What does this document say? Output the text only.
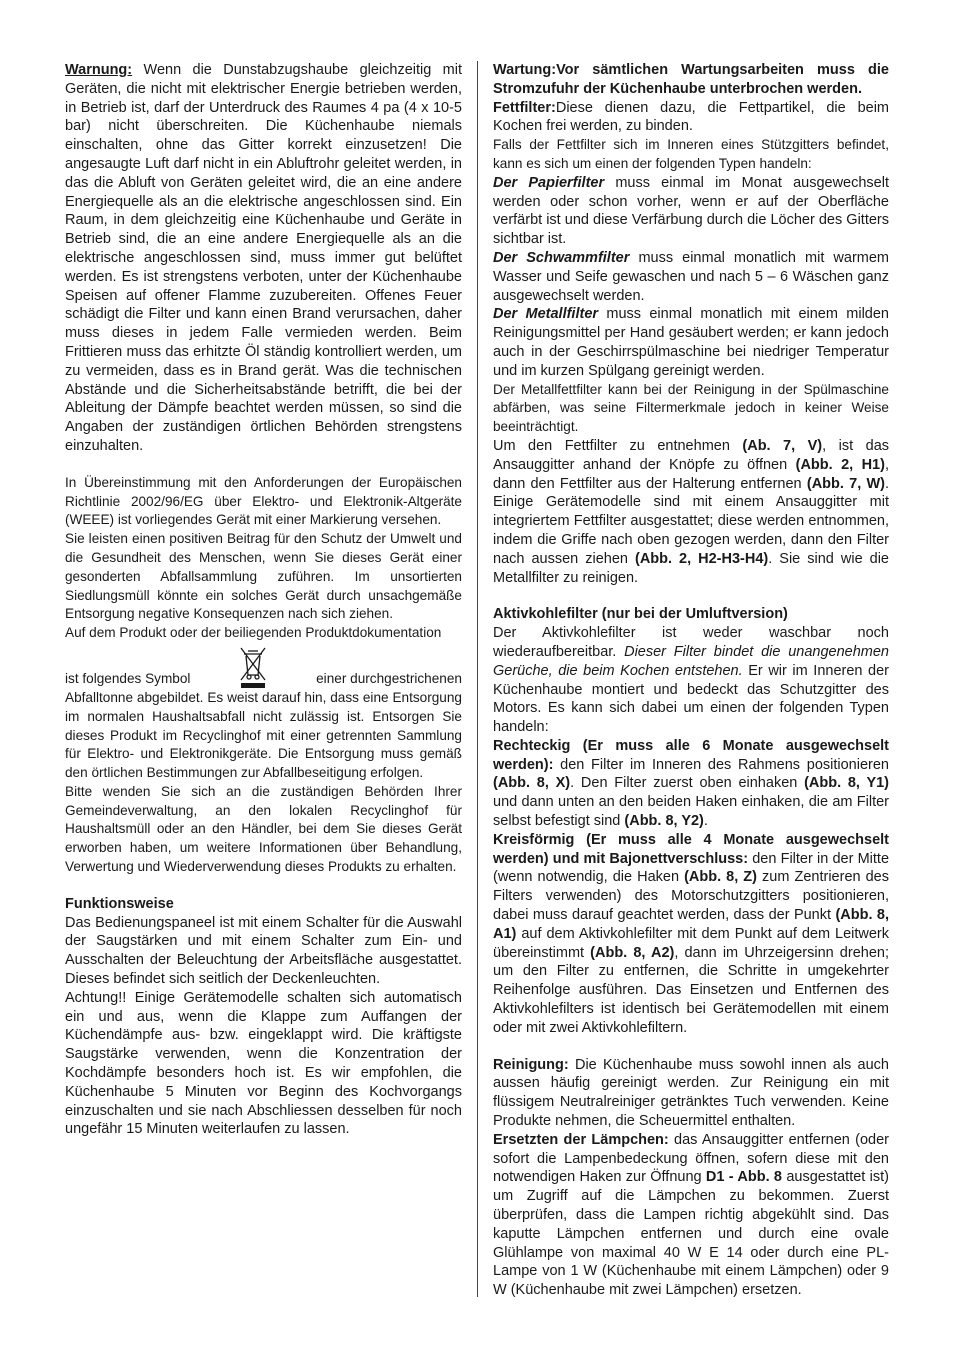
Warnung: Wenn die Dunstabzugshaube gleichzeitig mit Geräten, die nicht mit elektrischer Energie betrieben werden, in Betrieb ist, darf der Unterdruck des Raumes 4 pa (4 x 10-5 bar) nicht überschreiten. Die Küchenhaube niemals einschalten, ohne das Gitter korrekt einzusetzen! Die angesaugte Luft darf nicht in ein Abluftrohr geleitet werden, in das die Abluft von Geräten geleitet wird, die an eine andere Energiequelle als an die elektrische angeschlossen sind. Ein Raum, in dem gleichzeitig eine Küchenhaube und Geräte in Betrieb sind, die an eine andere Energiequelle als an die elektrische angeschlossen sind, muss immer gut belüftet werden. Es ist strengstens verboten, unter der Küchenhaube Speisen auf offener Flamme zuzubereiten. Offenes Feuer schädigt die Filter und kann einen Brand verursachen, daher muss dieses in jedem Falle vermieden werden. Beim Frittieren muss das erhitzte Öl ständig kontrolliert werden, um zu vermeiden, dass es in Brand gerät. Was die technischen Abstände und die Sicherheitsabstände betrifft, die bei der Ableitung der Dämpfe beachtet werden müssen, so sind die Angaben der zuständigen örtlichen Behörden strengstens einzuhalten.

In Übereinstimmung mit den Anforderungen der Europäischen Richtlinie 2002/96/EG über Elektro- und Elektronik-Altgeräte (WEEE) ist vorliegendes Gerät mit einer Markierung versehen.

Sie leisten einen positiven Beitrag für den Schutz der Umwelt und die Gesundheit des Menschen, wenn Sie dieses Gerät einer gesonderten Abfallsammlung zuführen. Im unsortierten Siedlungsmüll könnte ein solches Gerät durch unsachgemäße Entsorgung negative Konsequenzen nach sich ziehen.

Auf dem Produkt oder der beiliegenden Produktdokumentation

ist folgendes Symbol	einer durchgestrichenen

Abfalltonne abgebildet. Es weist darauf hin, dass eine Entsorgung im normalen Haushaltsabfall nicht zulässig ist. Entsorgen Sie dieses Produkt im Recyclinghof mit einer getrennten Sammlung für Elektro- und Elektronikgeräte. Die Entsorgung muss gemäß den örtlichen Bestimmungen zur Abfallbeseitigung erfolgen.

Bitte wenden Sie sich an die zuständigen Behörden Ihrer Gemeindeverwaltung, an den lokalen Recyclinghof für Haushaltsmüll oder an den Händler, bei dem Sie dieses Gerät erworben haben, um weitere Informationen über Behandlung, Verwertung und Wiederverwendung dieses Produkts zu erhalten.

Funktionsweise

Das Bedienungspaneel ist mit einem Schalter für die Auswahl der Saugstärken und mit einem Schalter zum Ein- und Ausschalten der Beleuchtung der Arbeitsfläche ausgestattet. Dieses befindet sich seitlich der Deckenleuchten.

Achtung!! Einige Gerätemodelle schalten sich automatisch ein und aus, wenn die Klappe zum Auffangen der Küchendämpfe aus- bzw. eingeklappt wird. Die kräftigste Saugstärke verwenden, wenn die Konzentration der Kochdämpfe besonders hoch ist. Es wir empfohlen, die Küchenhaube 5 Minuten vor Beginn des Kochvorgangs einzuschalten und sie nach Abschliessen desselben für noch ungefähr 15 Minuten weiterlaufen zu lassen.

Wartung:Vor sämtlichen Wartungsarbeiten muss die Stromzufuhr der Küchenhaube unterbrochen werden.

Fettfilter:Diese dienen dazu, die Fettpartikel, die beim Kochen frei werden, zu binden.

Falls der Fettfilter sich im Inneren eines Stützgitters befindet, kann es sich um einen der folgenden Typen handeln:

Der Papierfilter muss einmal im Monat ausgewechselt werden oder schon vorher, wenn er auf der Oberfläche verfärbt ist und diese Verfärbung durch die Löcher des Gitters sichtbar ist.

Der Schwammfilter muss einmal monatlich mit warmem Wasser und Seife gewaschen und nach 5 – 6 Wäschen ganz ausgewechselt werden.

Der Metallfilter muss einmal monatlich mit einem milden Reinigungsmittel per Hand gesäubert werden; er kann jedoch auch in der Geschirrspülmaschine bei niedriger Temperatur und im kurzen Spülgang gereinigt werden.

Der Metallfettfilter kann bei der Reinigung in der Spülmaschine abfärben, was seine Filtermerkmale jedoch in keiner Weise beeinträchtigt.

Um den Fettfilter zu entnehmen (Ab. 7, V), ist das Ansauggitter anhand der Knöpfe zu öffnen (Abb. 2, H1), dann den Fettfilter aus der Halterung entfernen (Abb. 7, W). Einige Gerätemodelle sind mit einem Ansauggitter mit integriertem Fettfilter ausgestattet; diese werden entnommen, indem die Griffe nach oben gezogen werden, dann den Filter nach aussen ziehen (Abb. 2, H2-H3-H4). Sie sind wie die Metallfilter zu reinigen.

Aktivkohlefilter (nur bei der Umluftversion)

Der Aktivkohlefilter ist weder waschbar noch wiederaufbereitbar. Dieser Filter bindet die unangenehmen Gerüche, die beim Kochen entstehen. Er wir im Inneren der Küchenhaube montiert und bedeckt das Schutzgitter des Motors. Es kann sich dabei um einen der folgenden Typen handeln:

Rechteckig (Er muss alle 6 Monate ausgewechselt werden): den Filter im Inneren des Rahmens positionieren (Abb. 8, X). Den Filter zuerst oben einhaken (Abb. 8, Y1) und dann unten an den beiden Haken einhaken, die am Filter selbst befestigt sind (Abb. 8, Y2).

Kreisförmig (Er muss alle 4 Monate ausgewechselt werden) und mit Bajonettverschluss: den Filter in der Mitte (wenn notwendig, die Haken (Abb. 8, Z) zum Zentrieren des Filters verwenden) des Motorschutzgitters positionieren, dabei muss darauf geachtet werden, dass der Punkt (Abb. 8, A1) auf dem Aktivkohlefilter mit dem Punkt auf dem Leitwerk übereinstimmt (Abb. 8, A2), dann im Uhrzeigersinn drehen; um den Filter zu entfernen, die Schritte in umgekehrter Reihenfolge ausführen. Das Einsetzen und Entfernen des Aktivkohlefilters ist identisch bei Gerätemodellen mit einem oder mit zwei Aktivkohlefiltern.

Reinigung: Die Küchenhaube muss sowohl innen als auch aussen häufig gereinigt werden. Zur Reinigung ein mit flüssigem Neutralreiniger getränktes Tuch verwenden. Keine Produkte nehmen, die Scheuermittel enthalten.

Ersetzten der Lämpchen: das Ansauggitter entfernen (oder sofort die Lampenbedeckung öffnen, sofern diese mit den notwendigen Haken zur Öffnung D1 - Abb. 8 ausgestattet ist) um Zugriff auf die Lämpchen zu bekommen. Zuerst überprüfen, dass die Lampen richtig abgekühlt sind. Das kaputte Lämpchen entfernen und durch eine ovale Glühlampe von maximal 40 W E 14 oder durch eine PL-Lampe von 1 W (Küchenhaube mit einem Lämpchen) oder 9 W (Küchenhaube mit zwei Lämpchen) ersetzen.
